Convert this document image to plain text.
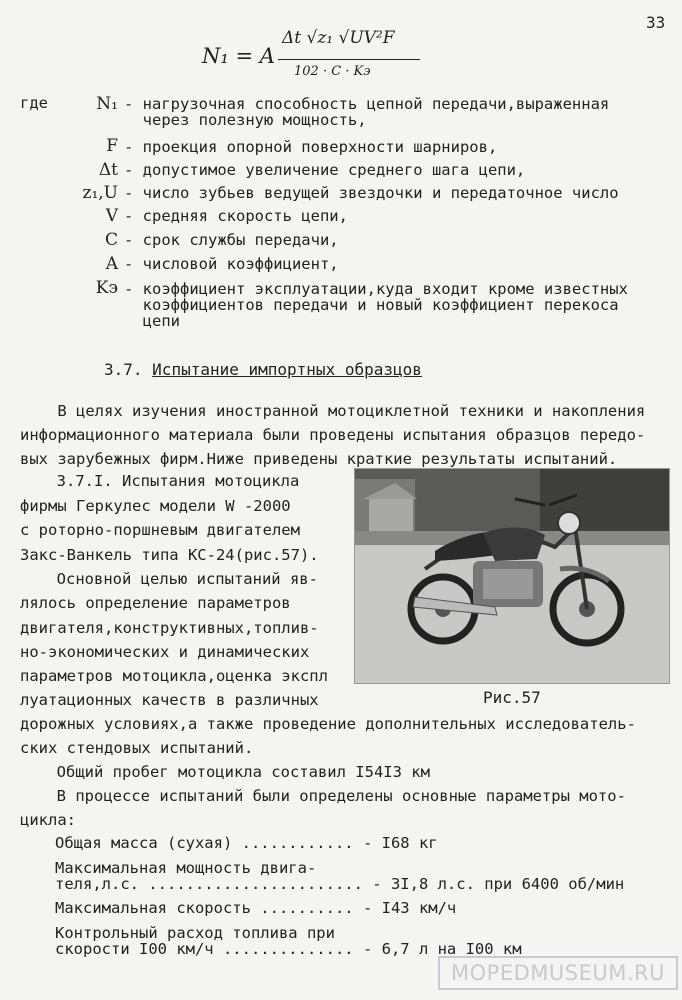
33
N₁ = A
Δt √z₁ √UV²F
102 · C · Kэ
где	N₁ - нагрузочная способность цепной передачи,выраженная
через полезную мощность,
F - проекция опорной поверхности шарниров,
Δt - допустимое увеличение среднего шага цепи,
z₁,U - число зубьев ведущей звездочки и передаточное число
V - средняя скорость цепи,
C - срок службы передачи,
A - числовой коэффициент,
Kэ - коэффициент эксплуатации,куда входит кроме известных
коэффициентов передачи и новый коэффициент перекоса
цепи
3.7. Испытание импортных образцов
В целях изучения иностранной мотоциклетной техники и накопления
информационного материала были проведены испытания образцов передо-
вых зарубежных фирм.Ниже приведены краткие результаты испытаний.
3.7.I. Испытания мотоцикла
фирмы Геркулес модели W -2000
с роторно-поршневым двигателем
Закс-Ванкель типа КС-24(рис.57).
Основной целью испытаний яв-
лялось определение параметров
двигателя,конструктивных,топлив-
но-экономических и динамических
параметров мотоцикла,оценка экспл
луатационных качеств в различных	Рис.57
дорожных условиях,а также проведение дополнительных исследователь-
ских стендовых испытаний.
Общий пробег мотоцикла составил I54I3 км
В процессе испытаний были определены основные параметры мото-
цикла:
Общая масса (сухая) ............ - I68 кг
Максимальная мощность двига-
теля,л.с. ....................... - 3I,8 л.с. при 6400 об/мин
Максимальная скорость .......... - I43 км/ч
Контрольный расход топлива при
скорости I00 км/ч .............. - 6,7 л на I00 км
MOPEDMUSEUM.RU
